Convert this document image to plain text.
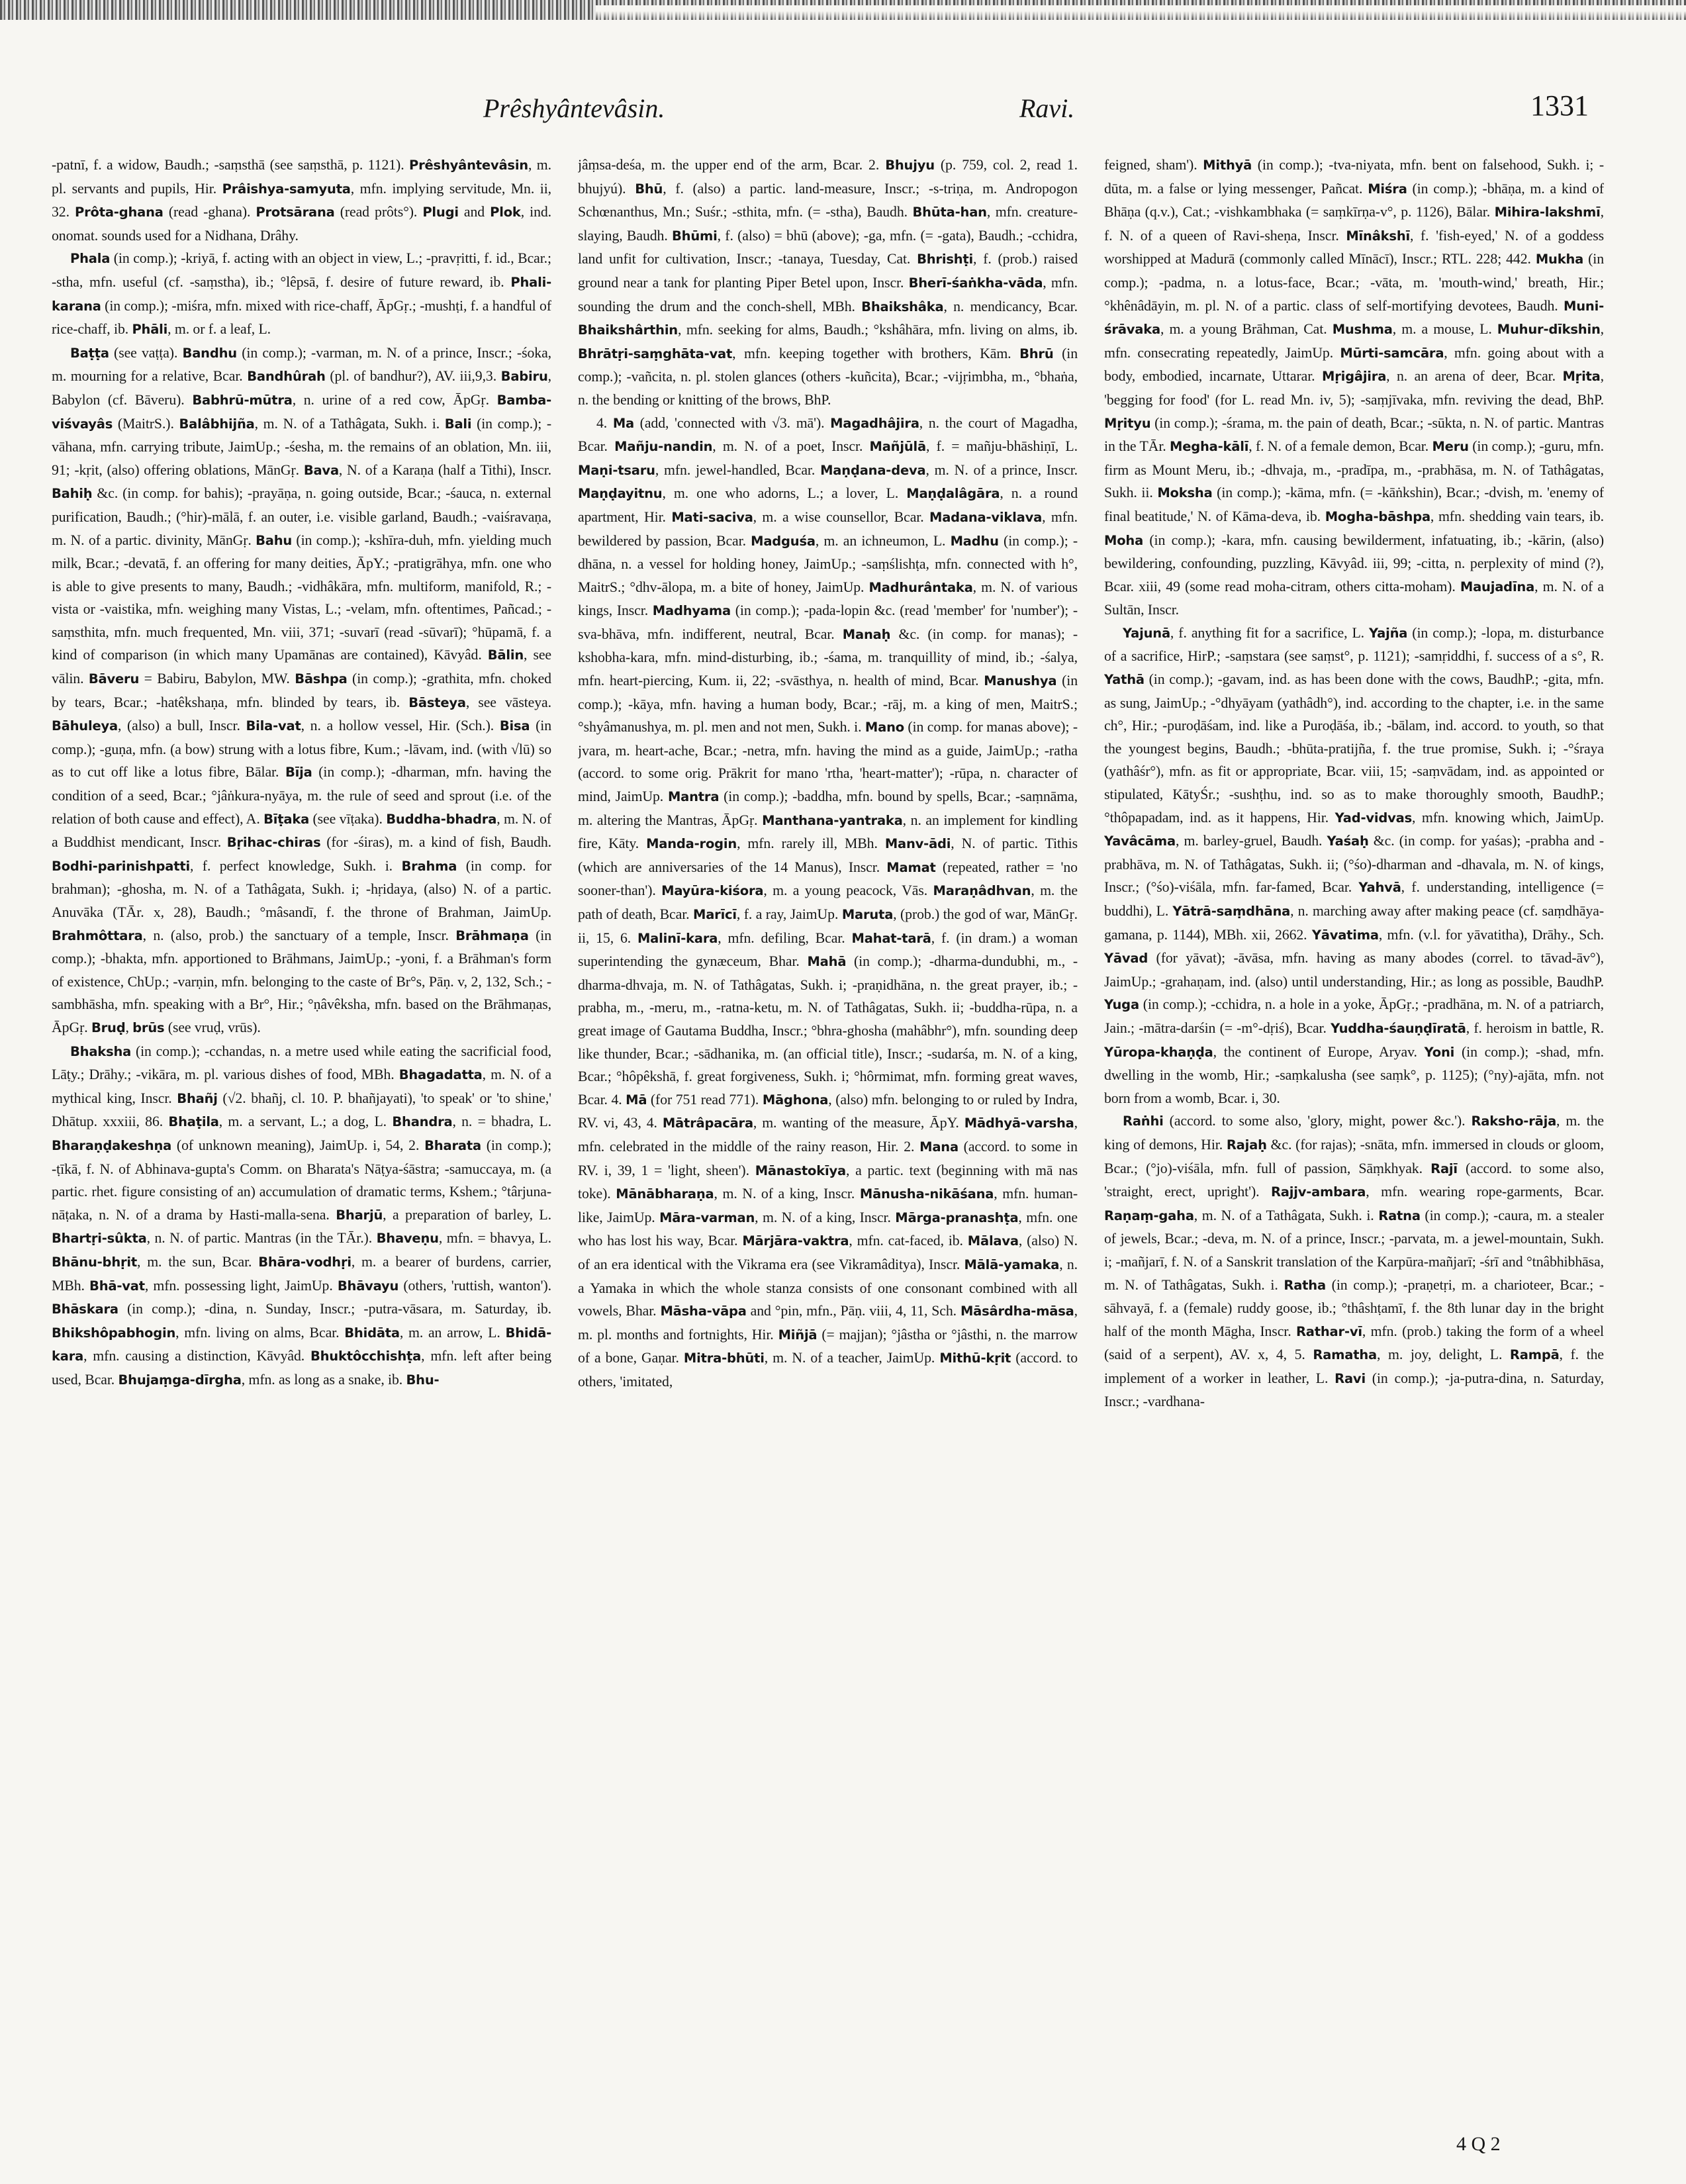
Prêshyântevâsin.	Ravi.	1331

-patnī, f. a widow, Baudh.; -saṃsthā (see saṃsthā, p. 1121). Prêshyântevâsin, m. pl. servants and pupils, Hir. Prâishya-samyuta, mfn. implying servitude, Mn. ii, 32. Prôta-ghana (read -ghana). Protsārana (read prôts°). Plugi and Plok, ind. onomat. sounds used for a Nidhana, Drâhy.

Phala (in comp.); -kriyā, f. acting with an object in view, L.; -pravṛitti, f. id., Bcar.; -stha, mfn. useful (cf. -saṃstha), ib.; °lêpsā, f. desire of future reward, ib. Phali-karana (in comp.); -miśra, mfn. mixed with rice-chaff, ĀpGṛ.; -mushṭi, f. a handful of rice-chaff, ib. Phāli, m. or f. a leaf, L.

Baṭṭa (see vaṭṭa). Bandhu (in comp.); -varman, m. N. of a prince, Inscr.; -śoka, m. mourning for a relative, Bcar. Bandhûrah (pl. of bandhur?), AV. iii,9,3. Babiru, Babylon (cf. Bāveru). Babhrū-mūtra, n. urine of a red cow, ĀpGṛ. Bamba-viśvayâs (MaitrS.). Balâbhijña, m. N. of a Tathâgata, Sukh. i. Bali (in comp.); -vāhana, mfn. carrying tribute, JaimUp.; -śesha, m. the remains of an oblation, Mn. iii, 91; -kṛit, (also) offering oblations, MānGṛ. Bava, N. of a Karaṇa (half a Tithi), Inscr. Bahiḥ &c. (in comp. for bahis); -prayāṇa, n. going outside, Bcar.; -śauca, n. external purification, Baudh.; (°hir)-mālā, f. an outer, i.e. visible garland, Baudh.; -vaiśravaṇa, m. N. of a partic. divinity, MānGṛ. Bahu (in comp.); -kshīra-duh, mfn. yielding much milk, Bcar.; -devatā, f. an offering for many deities, ĀpY.; -pratigrāhya, mfn. one who is able to give presents to many, Baudh.; -vidhâkāra, mfn. multiform, manifold, R.; -vista or -vaistika, mfn. weighing many Vistas, L.; -velam, mfn. oftentimes, Pañcad.; -saṃsthita, mfn. much frequented, Mn. viii, 371; -suvarī (read -sūvarī); °hūpamā, f. a kind of comparison (in which many Upamānas are contained), Kāvyâd. Bālin, see vālin. Bāveru = Babiru, Babylon, MW. Bāshpa (in comp.); -grathita, mfn. choked by tears, Bcar.; -hatêkshaṇa, mfn. blinded by tears, ib. Bāsteya, see vāsteya. Bāhuleya, (also) a bull, Inscr. Bila-vat, n. a hollow vessel, Hir. (Sch.). Bisa (in comp.); -guṇa, mfn. (a bow) strung with a lotus fibre, Kum.; -lāvam, ind. (with √lū) so as to cut off like a lotus fibre, Bālar. Bīja (in comp.); -dharman, mfn. having the condition of a seed, Bcar.; °jâṅkura-nyāya, m. the rule of seed and sprout (i.e. of the relation of both cause and effect), A. Bīṭaka (see vīṭaka). Buddha-bhadra, m. N. of a Buddhist mendicant, Inscr. Bṛihac-chiras (for -śiras), m. a kind of fish, Baudh. Bodhi-parinishpatti, f. perfect knowledge, Sukh. i. Brahma (in comp. for brahman); -ghosha, m. N. of a Tathâgata, Sukh. i; -hṛidaya, (also) N. of a partic. Anuvāka (TĀr. x, 28), Baudh.; °mâsandī, f. the throne of Brahman, JaimUp. Brahmôttara, n. (also, prob.) the sanctuary of a temple, Inscr. Brāhmaṇa (in comp.); -bhakta, mfn. apportioned to Brāhmans, JaimUp.; -yoni, f. a Brāhman's form of existence, ChUp.; -varṇin, mfn. belonging to the caste of Br°s, Pāṇ. v, 2, 132, Sch.; -sambhāsha, mfn. speaking with a Br°, Hir.; °ṇâvêksha, mfn. based on the Brāhmaṇas, ĀpGṛ. Bruḍ, brūs (see vruḍ, vrūs).

Bhaksha (in comp.); -cchandas, n. a metre used while eating the sacrificial food, Lāṭy.; Drāhy.; -vikāra, m. pl. various dishes of food, MBh. Bhagadatta, m. N. of a mythical king, Inscr. Bhañj (√2. bhañj, cl. 10. P. bhañjayati), 'to speak' or 'to shine,' Dhātup. xxxiii, 86. Bhaṭila, m. a servant, L.; a dog, L. Bhandra, n. = bhadra, L. Bharaṇḍakeshṇa (of unknown meaning), JaimUp. i, 54, 2. Bharata (in comp.); -ṭīkā, f. N. of Abhinava-gupta's Comm. on Bharata's Nāṭya-śāstra; -samuccaya, m. (a partic. rhet. figure consisting of an) accumulation of dramatic terms, Kshem.; °târjuna-nāṭaka, n. N. of a drama by Hasti-malla-sena. Bharjū, a preparation of barley, L. Bhartṛi-sûkta, n. N. of partic. Mantras (in the TĀr.). Bhaveṇu, mfn. = bhavya, L. Bhānu-bhṛit, m. the sun, Bcar. Bhāra-vodhṛi, m. a bearer of burdens, carrier, MBh. Bhā-vat, mfn. possessing light, JaimUp. Bhāvayu (others, 'ruttish, wanton'). Bhāskara (in comp.); -dina, n. Sunday, Inscr.; -putra-vāsara, m. Saturday, ib. Bhikshôpabhogin, mfn. living on alms, Bcar. Bhidāta, m. an arrow, L. Bhidā-kara, mfn. causing a distinction, Kāvyâd. Bhuktôcchishṭa, mfn. left after being used, Bcar. Bhujaṃga-dīrgha, mfn. as long as a snake, ib. Bhu-

jâṃsa-deśa, m. the upper end of the arm, Bcar. 2. Bhujyu (p. 759, col. 2, read 1. bhujyú). Bhū, f. (also) a partic. land-measure, Inscr.; -s-triṇa, m. Andropogon Schœnanthus, Mn.; Suśr.; -sthita, mfn. (= -stha), Baudh. Bhūta-han, mfn. creature-slaying, Baudh. Bhūmi, f. (also) = bhū (above); -ga, mfn. (= -gata), Baudh.; -cchidra, land unfit for cultivation, Inscr.; -tanaya, Tuesday, Cat. Bhrishṭi, f. (prob.) raised ground near a tank for planting Piper Betel upon, Inscr. Bherī-śaṅkha-vāda, mfn. sounding the drum and the conch-shell, MBh. Bhaikshâka, n. mendicancy, Bcar. Bhaikshârthin, mfn. seeking for alms, Baudh.; °kshâhāra, mfn. living on alms, ib. Bhrātṛi-saṃghāta-vat, mfn. keeping together with brothers, Kām. Bhrū (in comp.); -vañcita, n. pl. stolen glances (others -kuñcita), Bcar.; -vijṛimbha, m., °bhaṅa, n. the bending or knitting of the brows, BhP.

4. Ma (add, 'connected with √3. mā'). Magadhâjira, n. the court of Magadha, Bcar. Mañju-nandin, m. N. of a poet, Inscr. Mañjūlā, f. = mañju-bhāshiṇī, L. Maṇi-tsaru, mfn. jewel-handled, Bcar. Maṇḍana-deva, m. N. of a prince, Inscr. Maṇḍayitnu, m. one who adorns, L.; a lover, L. Maṇḍalâgāra, n. a round apartment, Hir. Mati-saciva, m. a wise counsellor, Bcar. Madana-viklava, mfn. bewildered by passion, Bcar. Madguśa, m. an ichneumon, L. Madhu (in comp.); -dhāna, n. a vessel for holding honey, JaimUp.; -saṃślishṭa, mfn. connected with h°, MaitrS.; °dhv-ālopa, m. a bite of honey, JaimUp. Madhurântaka, m. N. of various kings, Inscr. Madhyama (in comp.); -pada-lopin &c. (read 'member' for 'number'); -sva-bhāva, mfn. indifferent, neutral, Bcar. Manaḥ &c. (in comp. for manas); -kshobha-kara, mfn. mind-disturbing, ib.; -śama, m. tranquillity of mind, ib.; -śalya, mfn. heart-piercing, Kum. ii, 22; -svāsthya, n. health of mind, Bcar. Manushya (in comp.); -kāya, mfn. having a human body, Bcar.; -rāj, m. a king of men, MaitrS.; °shyâmanushya, m. pl. men and not men, Sukh. i. Mano (in comp. for manas above); -jvara, m. heart-ache, Bcar.; -netra, mfn. having the mind as a guide, JaimUp.; -ratha (accord. to some orig. Prākrit for mano 'rtha, 'heart-matter'); -rūpa, n. character of mind, JaimUp. Mantra (in comp.); -baddha, mfn. bound by spells, Bcar.; -saṃnāma, m. altering the Mantras, ĀpGṛ. Manthana-yantraka, n. an implement for kindling fire, Kāty. Manda-rogin, mfn. rarely ill, MBh. Manv-ādi, N. of partic. Tithis (which are anniversaries of the 14 Manus), Inscr. Mamat (repeated, rather = 'no sooner-than'). Mayūra-kiśora, m. a young peacock, Vās. Maraṇâdhvan, m. the path of death, Bcar. Marīcī, f. a ray, JaimUp. Maruta, (prob.) the god of war, MānGṛ. ii, 15, 6. Malinī-kara, mfn. defiling, Bcar. Mahat-tarā, f. (in dram.) a woman superintending the gynæceum, Bhar. Mahā (in comp.); -dharma-dundubhi, m., -dharma-dhvaja, m. N. of Tathâgatas, Sukh. i; -praṇidhāna, n. the great prayer, ib.; -prabha, m., -meru, m., -ratna-ketu, m. N. of Tathâgatas, Sukh. ii; -buddha-rūpa, n. a great image of Gautama Buddha, Inscr.; °bhra-ghosha (mahâbhr°), mfn. sounding deep like thunder, Bcar.; -sādhanika, m. (an official title), Inscr.; -sudarśa, m. N. of a king, Bcar.; °hôpêkshā, f. great forgiveness, Sukh. i; °hôrmimat, mfn. forming great waves, Bcar. 4. Mā (for 751 read 771). Māghona, (also) mfn. belonging to or ruled by Indra, RV. vi, 43, 4. Mātrâpacāra, m. wanting of the measure, ĀpY. Mādhyā-varsha, mfn. celebrated in the middle of the rainy reason, Hir. 2. Mana (accord. to some in RV. i, 39, 1 = 'light, sheen'). Mānastokīya, a partic. text (beginning with mā nas toke). Mānābharaṇa, m. N. of a king, Inscr. Mānusha-nikāśana, mfn. human-like, JaimUp. Māra-varman, m. N. of a king, Inscr. Mārga-pranashṭa, mfn. one who has lost his way, Bcar. Mārjāra-vaktra, mfn. cat-faced, ib. Mālava, (also) N. of an era identical with the Vikrama era (see Vikramâditya), Inscr. Mālā-yamaka, n. a Yamaka in which the whole stanza consists of one consonant combined with all vowels, Bhar. Māsha-vāpa and °pin, mfn., Pāṇ. viii, 4, 11, Sch. Māsârdha-māsa, m. pl. months and fortnights, Hir. Miñjā (= majjan); °jâstha or °jâsthi, n. the marrow of a bone, Gaṇar. Mitra-bhūti, m. N. of a teacher, JaimUp. Mithū-kṛit (accord. to others, 'imitated,

feigned, sham'). Mithyā (in comp.); -tva-niyata, mfn. bent on falsehood, Sukh. i; -dūta, m. a false or lying messenger, Pañcat. Miśra (in comp.); -bhāṇa, m. a kind of Bhāṇa (q.v.), Cat.; -vishkambhaka (= saṃkīrṇa-v°, p. 1126), Bālar. Mihira-lakshmī, f. N. of a queen of Ravi-sheṇa, Inscr. Mīnâkshī, f. 'fish-eyed,' N. of a goddess worshipped at Madurā (commonly called Mīnācī), Inscr.; RTL. 228; 442. Mukha (in comp.); -padma, n. a lotus-face, Bcar.; -vāta, m. 'mouth-wind,' breath, Hir.; °khênâdāyin, m. pl. N. of a partic. class of self-mortifying devotees, Baudh. Muni-śrāvaka, m. a young Brāhman, Cat. Mushma, m. a mouse, L. Muhur-dīkshin, mfn. consecrating repeatedly, JaimUp. Mūrti-samcāra, mfn. going about with a body, embodied, incarnate, Uttarar. Mṛigâjira, n. an arena of deer, Bcar. Mṛita, 'begging for food' (for L. read Mn. iv, 5); -saṃjīvaka, mfn. reviving the dead, BhP. Mṛityu (in comp.); -śrama, m. the pain of death, Bcar.; -sūkta, n. N. of partic. Mantras in the TĀr. Megha-kālī, f. N. of a female demon, Bcar. Meru (in comp.); -guru, mfn. firm as Mount Meru, ib.; -dhvaja, m., -pradīpa, m., -prabhāsa, m. N. of Tathâgatas, Sukh. ii. Moksha (in comp.); -kāma, mfn. (= -kāṅkshin), Bcar.; -dvish, m. 'enemy of final beatitude,' N. of Kāma-deva, ib. Mogha-bāshpa, mfn. shedding vain tears, ib. Moha (in comp.); -kara, mfn. causing bewilderment, infatuating, ib.; -kārin, (also) bewildering, confounding, puzzling, Kāvyâd. iii, 99; -citta, n. perplexity of mind (?), Bcar. xiii, 49 (some read moha-citram, others citta-moham). Maujadīna, m. N. of a Sultān, Inscr.

Yajunā, f. anything fit for a sacrifice, L. Yajña (in comp.); -lopa, m. disturbance of a sacrifice, HirP.; -saṃstara (see saṃst°, p. 1121); -samṛiddhi, f. success of a s°, R. Yathā (in comp.); -gavam, ind. as has been done with the cows, BaudhP.; -gita, mfn. as sung, JaimUp.; -°dhyāyam (yathâdh°), ind. according to the chapter, i.e. in the same ch°, Hir.; -puroḍāśam, ind. like a Puroḍāśa, ib.; -bālam, ind. accord. to youth, so that the youngest begins, Baudh.; -bhūta-pratijña, f. the true promise, Sukh. i; -°śraya (yathâśr°), mfn. as fit or appropriate, Bcar. viii, 15; -saṃvādam, ind. as appointed or stipulated, KātyŚr.; -sushṭhu, ind. so as to make thoroughly smooth, BaudhP.; °thôpapadam, ind. as it happens, Hir. Yad-vidvas, mfn. knowing which, JaimUp. Yavâcāma, m. barley-gruel, Baudh. Yaśaḥ &c. (in comp. for yaśas); -prabha and -prabhāva, m. N. of Tathâgatas, Sukh. ii; (°śo)-dharman and -dhavala, m. N. of kings, Inscr.; (°śo)-viśāla, mfn. far-famed, Bcar. Yahvā, f. understanding, intelligence (= buddhi), L. Yātrā-saṃdhāna, n. marching away after making peace (cf. saṃdhāya-gamana, p. 1144), MBh. xii, 2662. Yāvatima, mfn. (v.l. for yāvatitha), Drāhy., Sch. Yāvad (for yāvat); -āvāsa, mfn. having as many abodes (correl. to tāvad-āv°), JaimUp.; -grahaṇam, ind. (also) until understanding, Hir.; as long as possible, BaudhP. Yuga (in comp.); -cchidra, n. a hole in a yoke, ĀpGṛ.; -pradhāna, m. N. of a patriarch, Jain.; -mātra-darśin (= -m°-dṛiś), Bcar. Yuddha-śauṇḍīratā, f. heroism in battle, R. Yūropa-khaṇḍa, the continent of Europe, Aryav. Yoni (in comp.); -shad, mfn. dwelling in the womb, Hir.; -saṃkalusha (see saṃk°, p. 1125); (°ny)-ajāta, mfn. not born from a womb, Bcar. i, 30.

Raṅhi (accord. to some also, 'glory, might, power &c.'). Raksho-rāja, m. the king of demons, Hir. Rajaḥ &c. (for rajas); -snāta, mfn. immersed in clouds or gloom, Bcar.; (°jo)-viśāla, mfn. full of passion, Sāṃkhyak. Rajī (accord. to some also, 'straight, erect, upright'). Rajjv-ambara, mfn. wearing rope-garments, Bcar. Raṇaṃ-gaha, m. N. of a Tathâgata, Sukh. i. Ratna (in comp.); -caura, m. a stealer of jewels, Bcar.; -deva, m. N. of a prince, Inscr.; -parvata, m. a jewel-mountain, Sukh. i; -mañjarī, f. N. of a Sanskrit translation of the Karpūra-mañjarī; -śrī and °tnâbhibhāsa, m. N. of Tathâgatas, Sukh. i. Ratha (in comp.); -praṇetṛi, m. a charioteer, Bcar.; -sāhvayā, f. a (female) ruddy goose, ib.; °thâshṭamī, f. the 8th lunar day in the bright half of the month Māgha, Inscr. Rathar-vī, mfn. (prob.) taking the form of a wheel (said of a serpent), AV. x, 4, 5. Ramatha, m. joy, delight, L. Rampā, f. the implement of a worker in leather, L. Ravi (in comp.); -ja-putra-dina, n. Saturday, Inscr.; -vardhana-

4 Q 2
